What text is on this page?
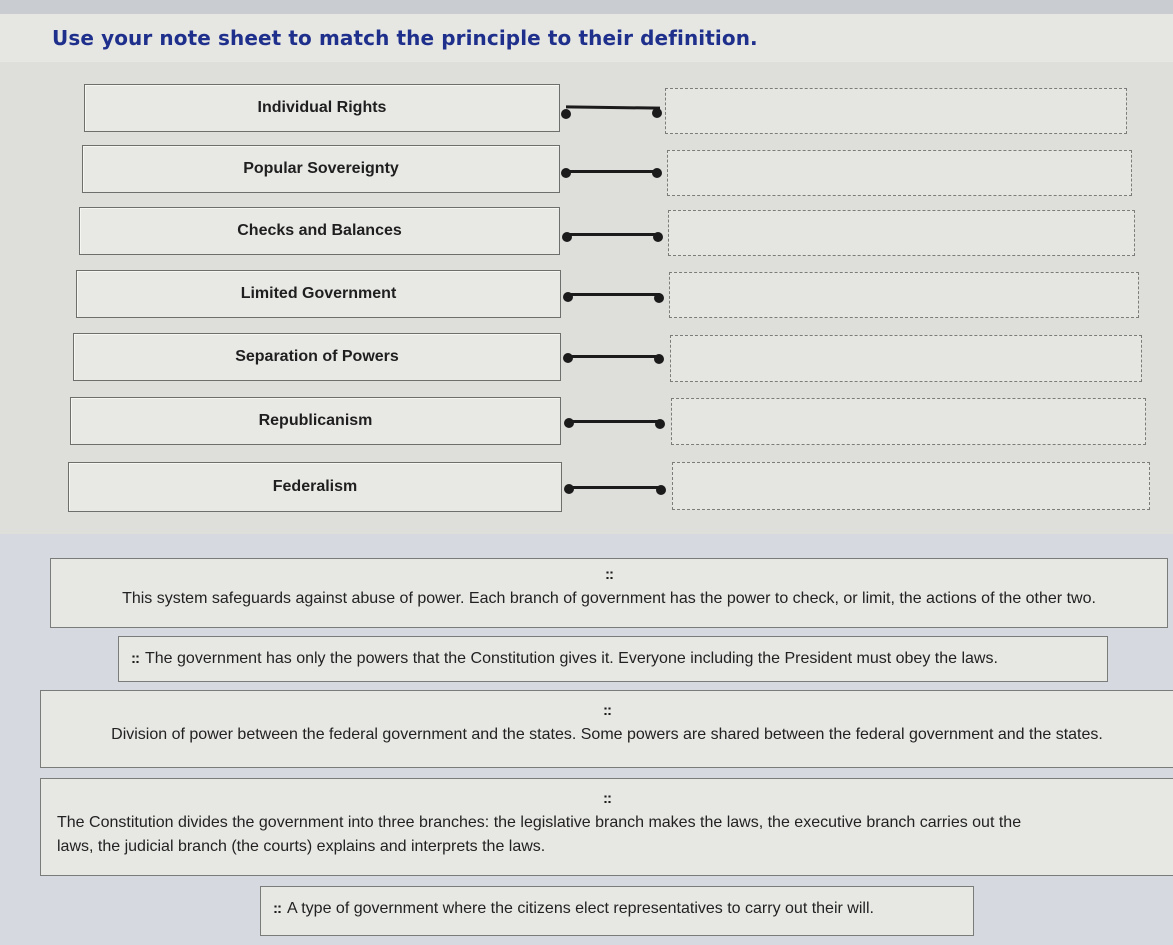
Use your note sheet to match the principle to their definition.
Individual Rights
Popular Sovereignty
Checks and Balances
Limited Government
Separation of Powers
Republicanism
Federalism
::
This system safeguards against abuse of power. Each branch of government has the power to check, or limit, the actions of the other two.
:: The government has only the powers that the Constitution gives it. Everyone including the President must obey the laws.
::
Division of power between the federal government and the states. Some powers are shared between the federal government and the states.
::
The Constitution divides the government into three branches: the legislative branch makes the laws, the executive branch carries out the
laws, the judicial branch (the courts) explains and interprets the laws.
:: A type of government where the citizens elect representatives to carry out their will.
